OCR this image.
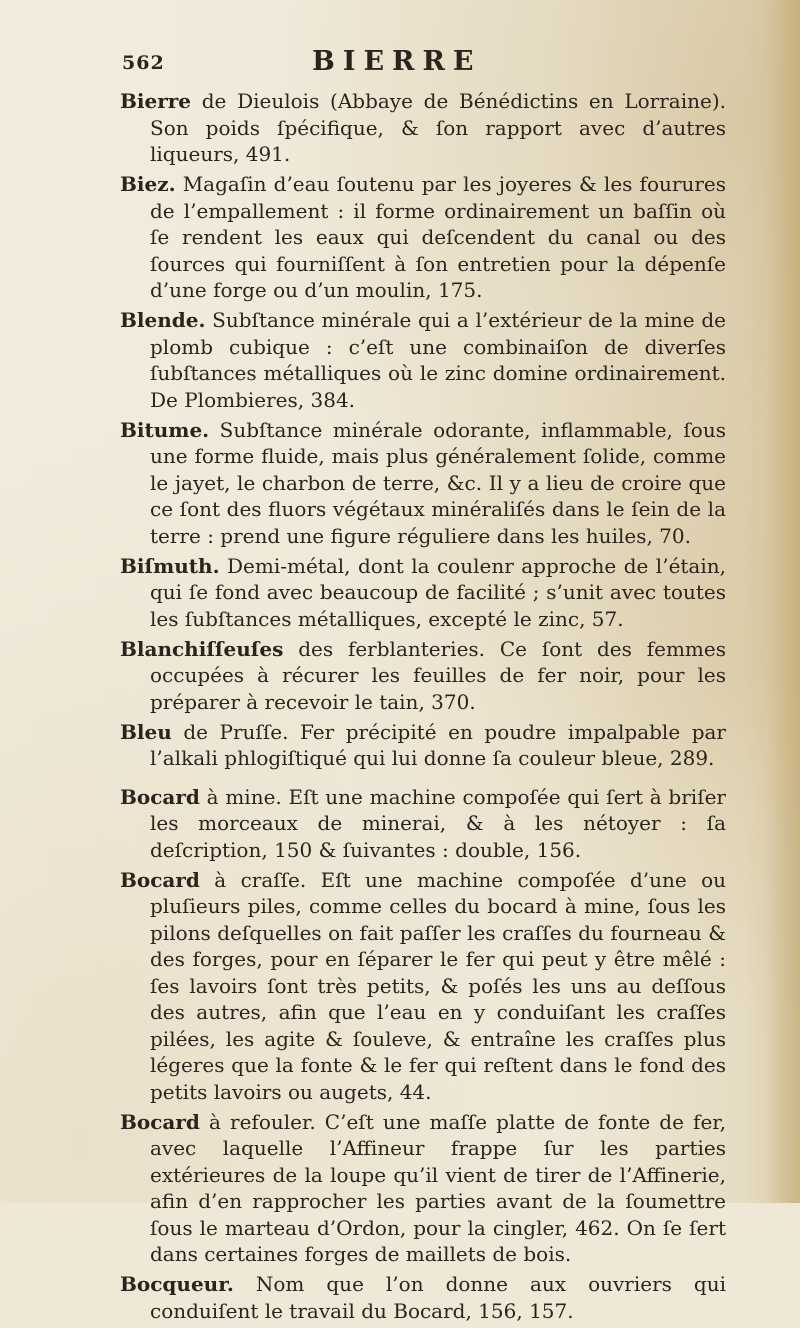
562	BIERRE

Bierre de Dieulois (Abbaye de Bénédictins en Lorraine). Son poids ſpécifique, & ſon rapport avec d’autres liqueurs, 491.

Biez. Magaſin d’eau ſoutenu par les joyeres & les fourures de l’empallement : il forme ordinairement un baſſin où ſe rendent les eaux qui deſcendent du canal ou des ſources qui fourniſſent à ſon entretien pour la dépenſe d’une forge ou d’un moulin, 175.

Blende. Subſtance minérale qui a l’extérieur de la mine de plomb cubique : c’eſt une combinaiſon de diverſes ſubſtances métalliques où le zinc domine ordinairement. De Plombieres, 384.

Bitume. Subſtance minérale odorante, inflammable, ſous une forme fluide, mais plus généralement ſolide, comme le jayet, le charbon de terre, &c. Il y a lieu de croire que ce ſont des fluors végétaux minéraliſés dans le ſein de la terre : prend une figure réguliere dans les huiles, 70.

Biſmuth. Demi-métal, dont la coulenr approche de l’étain, qui ſe fond avec beaucoup de facilité ; s’unit avec toutes les ſubſtances métalliques, excepté le zinc, 57.

Blanchiſſeuſes des ferblanteries. Ce ſont des femmes occupées à récurer les feuilles de fer noir, pour les préparer à recevoir le tain, 370.

Bleu de Pruſſe. Fer précipité en poudre impalpable par l’alkali phlogiſtiqué qui lui donne ſa couleur bleue, 289.

Bocard à mine. Eſt une machine compoſée qui ſert à briſer les morceaux de minerai, & à les nétoyer : ſa deſcription, 150 & ſuivantes : double, 156.

Bocard à craſſe. Eſt une machine compoſée d’une ou pluſieurs piles, comme celles du bocard à mine, ſous les pilons deſquelles on fait paſſer les craſſes du fourneau & des forges, pour en ſéparer le fer qui peut y être mêlé : ſes lavoirs ſont très petits, & poſés les uns au deſſous des autres, afin que l’eau en y conduiſant les craſſes pilées, les agite & ſouleve, & entraîne les craſſes plus légeres que la fonte & le fer qui reſtent dans le fond des petits lavoirs ou augets, 44.

Bocard à refouler. C’eſt une maſſe platte de fonte de fer, avec laquelle l’Affineur frappe ſur les parties extérieures de la loupe qu’il vient de tirer de l’Affinerie, afin d’en rapprocher les parties avant de la ſoumettre ſous le marteau d’Ordon, pour la cingler, 462. On ſe ſert dans certaines forges de maillets de bois.

Bocqueur. Nom que l’on donne aux ouvriers qui conduiſent le travail du Bocard, 156, 157.
